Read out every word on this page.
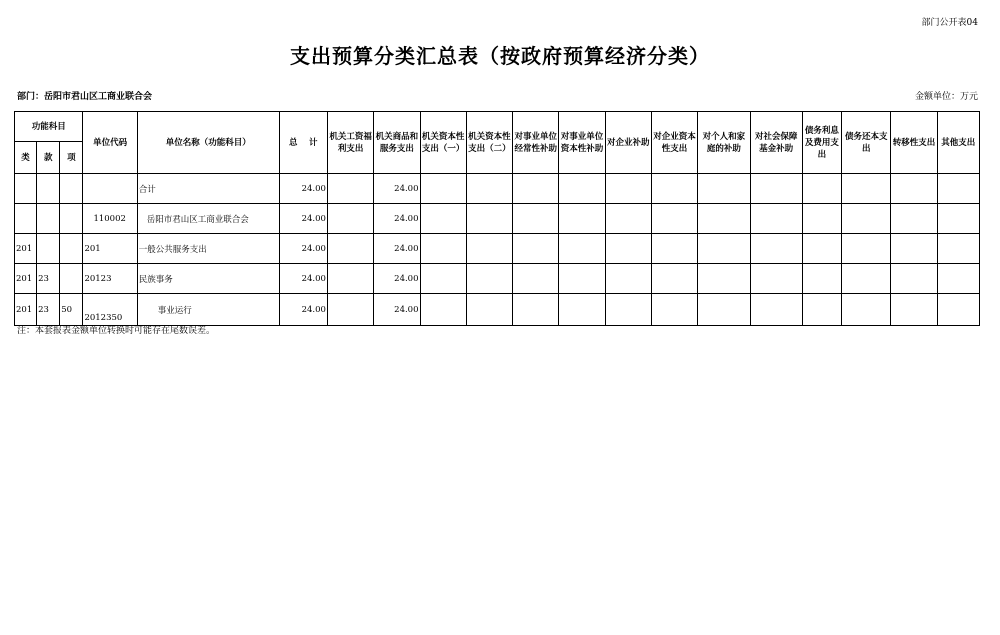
部门公开表04
支出预算分类汇总表（按政府预算经济分类）
部门：岳阳市君山区工商业联合会	金额单位：万元
功能科目			单位代码	单位名称（功能科目）	总　 计	机关工资福利支出	机关商品和服务支出	机关资本性支出（一）	机关资本性支出（二）	对事业单位经常性补助	对事业单位资本性补助	对企业补助	对企业资本性支出	对个人和家庭的补助	对社会保障基金补助	债务利息及费用支出	债务还本支出	转移性支出	其他支出
类	款	项																	
				合计	24.00		24.00												
			110002	岳阳市君山区工商业联合会	24.00		24.00												
201			201	一般公共服务支出	24.00		24.00												
201	23		20123	民族事务	24.00		24.00												
201	23	50	2012350	事业运行	24.00		24.00												
注：本套报表金额单位转换时可能存在尾数误差。
